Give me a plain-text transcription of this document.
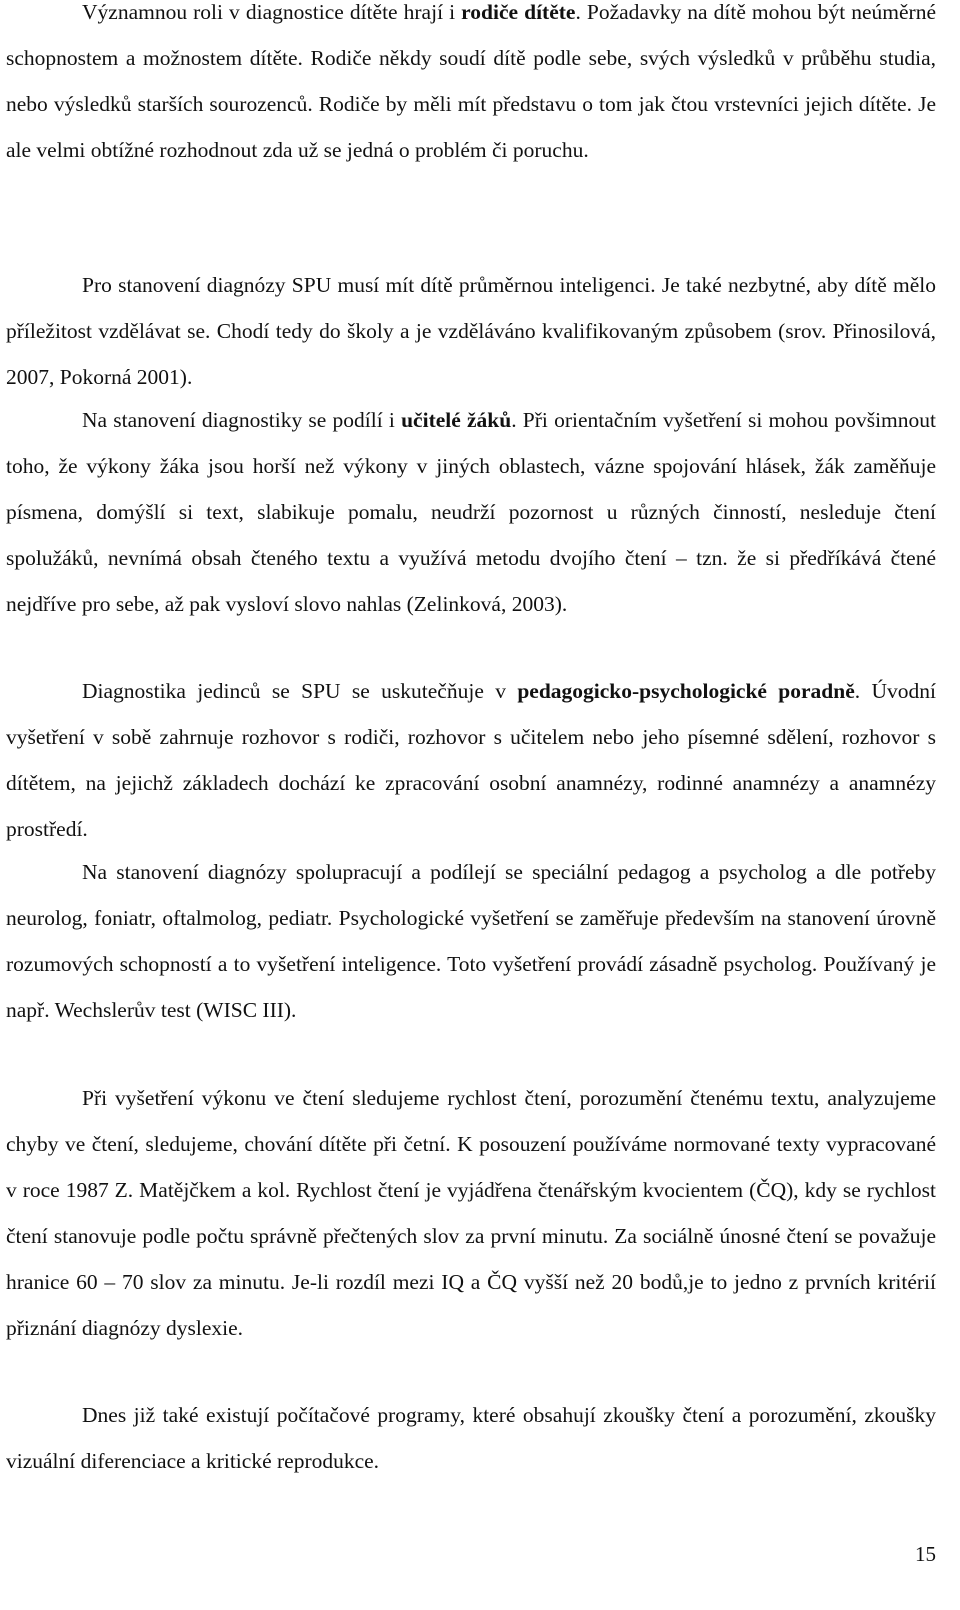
Významnou roli v diagnostice dítěte hrají i rodiče dítěte. Požadavky na dítě mohou být neúměrné schopnostem a možnostem dítěte. Rodiče někdy soudí dítě podle sebe, svých výsledků v průběhu studia, nebo výsledků starších sourozenců. Rodiče by měli mít představu o tom jak čtou vrstevníci jejich dítěte. Je ale velmi obtížné rozhodnout zda už se jedná o problém či poruchu.

Pro stanovení diagnózy SPU musí mít dítě průměrnou inteligenci. Je také nezbytné, aby dítě mělo příležitost vzdělávat se. Chodí tedy do školy a je vzděláváno kvalifikovaným způsobem (srov. Přinosilová, 2007, Pokorná 2001).

Na stanovení diagnostiky se podílí i učitelé žáků. Při orientačním vyšetření si mohou povšimnout toho, že výkony žáka jsou horší než výkony v jiných oblastech, vázne spojování hlásek, žák zaměňuje písmena, domýšlí si text, slabikuje pomalu, neudrží pozornost u různých činností, nesleduje čtení spolužáků, nevnímá obsah čteného textu a využívá metodu dvojího čtení – tzn. že si předříkává čtené nejdříve pro sebe, až pak vysloví slovo nahlas (Zelinková, 2003).

Diagnostika jedinců se SPU se uskutečňuje v pedagogicko-psychologické poradně. Úvodní vyšetření v sobě zahrnuje rozhovor s rodiči, rozhovor s učitelem nebo jeho písemné sdělení, rozhovor s dítětem, na jejichž základech dochází ke zpracování osobní anamnézy, rodinné anamnézy a anamnézy prostředí.

Na stanovení diagnózy spolupracují a podílejí se speciální pedagog a psycholog a dle potřeby neurolog, foniatr, oftalmolog, pediatr. Psychologické vyšetření se zaměřuje především na stanovení úrovně rozumových schopností a to vyšetření inteligence. Toto vyšetření provádí zásadně psycholog. Používaný je např. Wechslerův test (WISC III).

Při vyšetření výkonu ve čtení sledujeme rychlost čtení, porozumění čtenému textu, analyzujeme chyby ve čtení, sledujeme, chování dítěte při četní. K posouzení používáme normované texty vypracované v roce 1987 Z. Matějčkem a kol. Rychlost čtení je vyjádřena čtenářským kvocientem (ČQ), kdy se rychlost čtení stanovuje podle počtu správně přečtených slov za první minutu. Za sociálně únosné čtení se považuje hranice 60 – 70 slov za minutu. Je-li rozdíl mezi IQ a ČQ vyšší než 20 bodů,je to jedno z prvních kritérií přiznání diagnózy dyslexie.

Dnes již také existují počítačové programy, které obsahují zkoušky čtení a porozumění, zkoušky vizuální diferenciace a kritické reprodukce.

15
